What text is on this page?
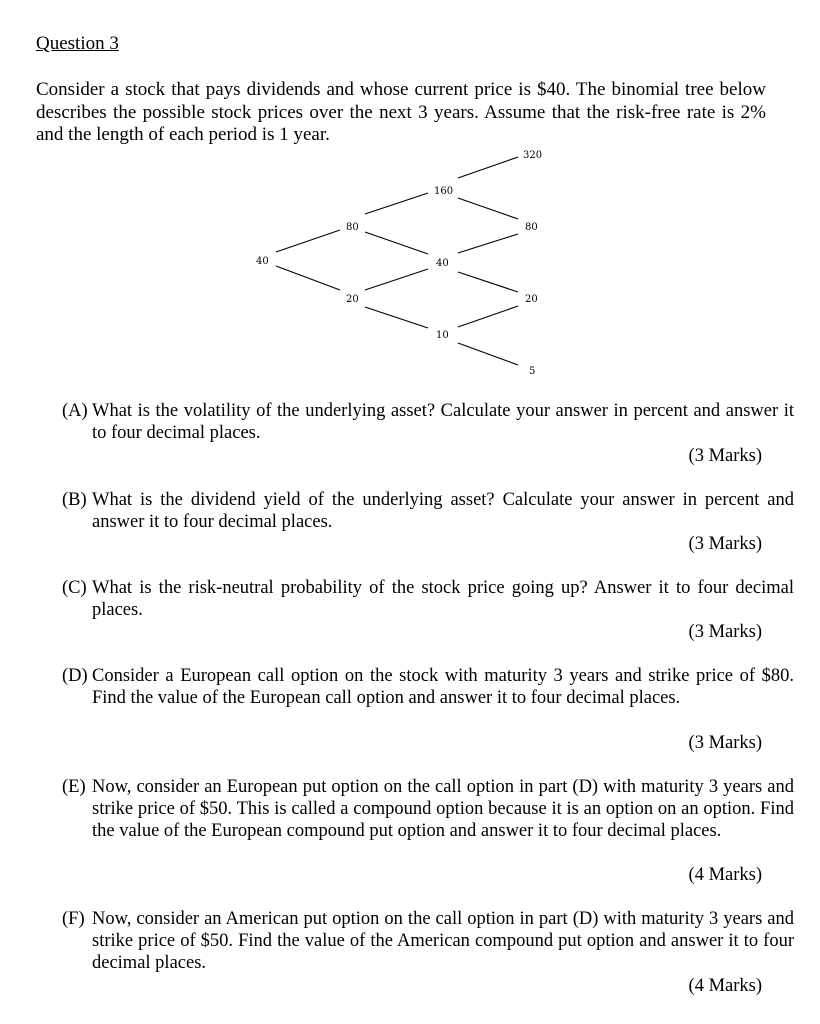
Question 3
Consider a stock that pays dividends and whose current price is $40. The binomial tree below describes the possible stock prices over the next 3 years. Assume that the risk-free rate is 2% and the length of each period is 1 year.
40
80
20
160
40
10
320
80
20
5
(A) What is the volatility of the underlying asset? Calculate your answer in percent and answer it to four decimal places.
(3 Marks)
(B) What is the dividend yield of the underlying asset? Calculate your answer in percent and answer it to four decimal places.
(3 Marks)
(C) What is the risk-neutral probability of the stock price going up? Answer it to four decimal places.
(3 Marks)
(D) Consider a European call option on the stock with maturity 3 years and strike price of $80. Find the value of the European call option and answer it to four decimal places.
(3 Marks)
(E) Now, consider an European put option on the call option in part (D) with maturity 3 years and strike price of $50. This is called a compound option because it is an option on an option. Find the value of the European compound put option and answer it to four decimal places.
(4 Marks)
(F) Now, consider an American put option on the call option in part (D) with maturity 3 years and strike price of $50. Find the value of the American compound put option and answer it to four decimal places.
(4 Marks)
